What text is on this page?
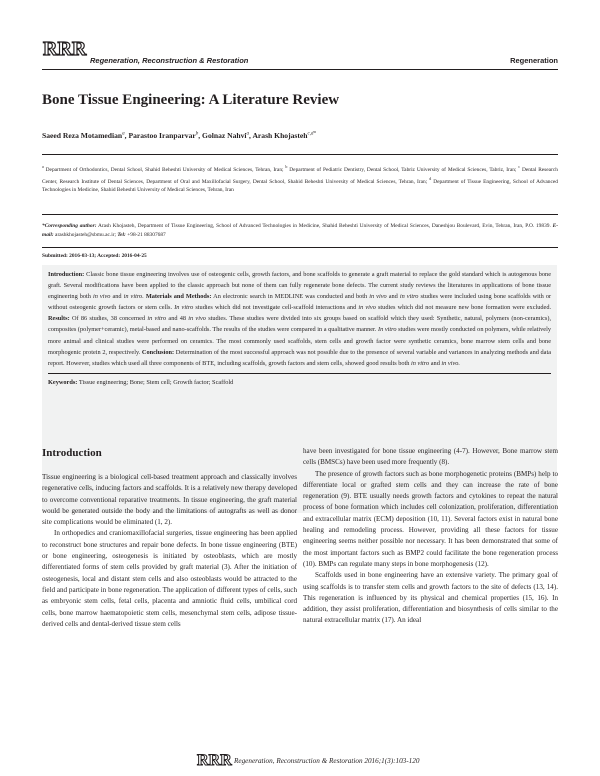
RRR
Regeneration, Reconstruction & Restoration	Regeneration
Bone Tissue Engineering: A Literature Review
Saeed Reza Motamedian$^a$, Parastoo Iranparvar$^b$, Golnaz Nahvi$^a$, Arash Khojasteh$^{c,d*}$
$^a$ Department of Orthodontics, Dental School, Shahid Beheshti University of Medical Sciences, Tehran, Iran; $^b$ Department of Pediatric Dentistry, Dental School, Tabriz University of Medical Sciences, Tabriz, Iran; $^c$ Dental Research Center, Research Institute of Dental Sciences, Department of Oral and Maxillofacial Surgery, Dental School, Shahid Beheshti University of Medical Sciences, Tehran, Iran; $^d$ Department of Tissue Engineering, School of Advanced Technologies in Medicine, Shahid Beheshti University of Medical Sciences, Tehran, Iran
*Corresponding author: Arash Khojasteh, Department of Tissue Engineering, School of Advanced Technologies in Medicine, Shahid Beheshti University of Medical Sciences, Daneshjou Boulevard, Evin, Tehran, Iran, P.O. 19839. E-mail: arashkhojasteh@sbmu.ac.ir; Tel: +98-21 88307687
Submitted: 2016-03-13; Accepted: 2016-04-25

Introduction: Classic bone tissue engineering involves use of osteogenic cells, growth factors, and bone scaffolds to generate a graft material to replace the gold standard which is autogenous bone graft. Several modifications have been applied to the classic approach but none of them can fully regenerate bone defects. The current study reviews the literatures in applications of bone tissue engineering both in vivo and in vitro. Materials and Methods: An electronic search in MEDLINE was conducted and both in vivo and in vitro studies were included using bone scaffolds with or without osteogenic growth factors or stem cells. In vitro studies which did not investigate cell-scaffold interactions and in vivo studies which did not measure new bone formation were excluded. Results: Of 86 studies, 38 concerned in vitro and 48 in vivo studies. These studies were divided into six groups based on scaffold which they used: Synthetic, natural, polymers (non-ceramics), composites (polymer+ceramic), metal-based and nano-scaffolds. The results of the studies were compared in a qualitative manner. In vitro studies were mostly conducted on polymers, while relatively more animal and clinical studies were performed on ceramics. The most commonly used scaffolds, stem cells and growth factor were synthetic ceramics, bone marrow stem cells and bone morphogenic protein 2, respectively. Conclusion: Determination of the most successful approach was not possible due to the presence of several variable and variances in analyzing methods and data report. However, studies which used all three components of BTE, including scaffolds, growth factors and stem cells, showed good results both in vitro and in vivo.

Keywords: Tissue engineering; Bone; Stem cell; Growth factor; Scaffold

Introduction

Tissue engineering is a biological cell-based treatment approach and classically involves regenerative cells, inducing factors and scaffolds. It is a relatively new therapy developed to overcome conventional reparative treatments. In tissue engineering, the graft material would be generated outside the body and the limitations of autografts as well as donor site complications would be eliminated (1, 2).

In orthopedics and craniomaxillofacial surgeries, tissue engineering has been applied to reconstruct bone structures and repair bone defects. In bone tissue engineering (BTE) or bone engineering, osteogenesis is initiated by osteoblasts, which are mostly differentiated forms of stem cells provided by graft material (3). After the initiation of osteogenesis, local and distant stem cells and also osteoblasts would be attracted to the field and participate in bone regeneration. The application of different types of cells, such as embryonic stem cells, fetal cells, placenta and amniotic fluid cells, umbilical cord cells, bone marrow haematopoietic stem cells, mesenchymal stem cells, adipose tissue- derived cells and dental-derived tissue stem cells

have been investigated for bone tissue engineering (4-7). However, Bone marrow stem cells (BMSCs) have been used more frequently (8).

The presence of growth factors such as bone morphogenetic proteins (BMPs) help to differentiate local or grafted stem cells and they can increase the rate of bone regeneration (9). BTE usually needs growth factors and cytokines to repeat the natural process of bone formation which includes cell colonization, proliferation, differentiation and extracellular matrix (ECM) deposition (10, 11). Several factors exist in natural bone healing and remodeling process. However, providing all these factors for tissue engineering seems neither possible nor necessary. It has been demonstrated that some of the most important factors such as BMP2 could facilitate the bone regeneration process (10). BMPs can regulate many steps in bone morphogenesis (12).

Scaffolds used in bone engineering have an extensive variety. The primary goal of using scaffolds is to transfer stem cells and growth factors to the site of defects (13, 14). This regeneration is influenced by its physical and chemical properties (15, 16). In addition, they assist proliferation, differentiation and biosynthesis of cells similar to the natural extracellular matrix (17). An ideal

RRR Regeneration, Reconstruction & Restoration 2016;1(3):103-120
